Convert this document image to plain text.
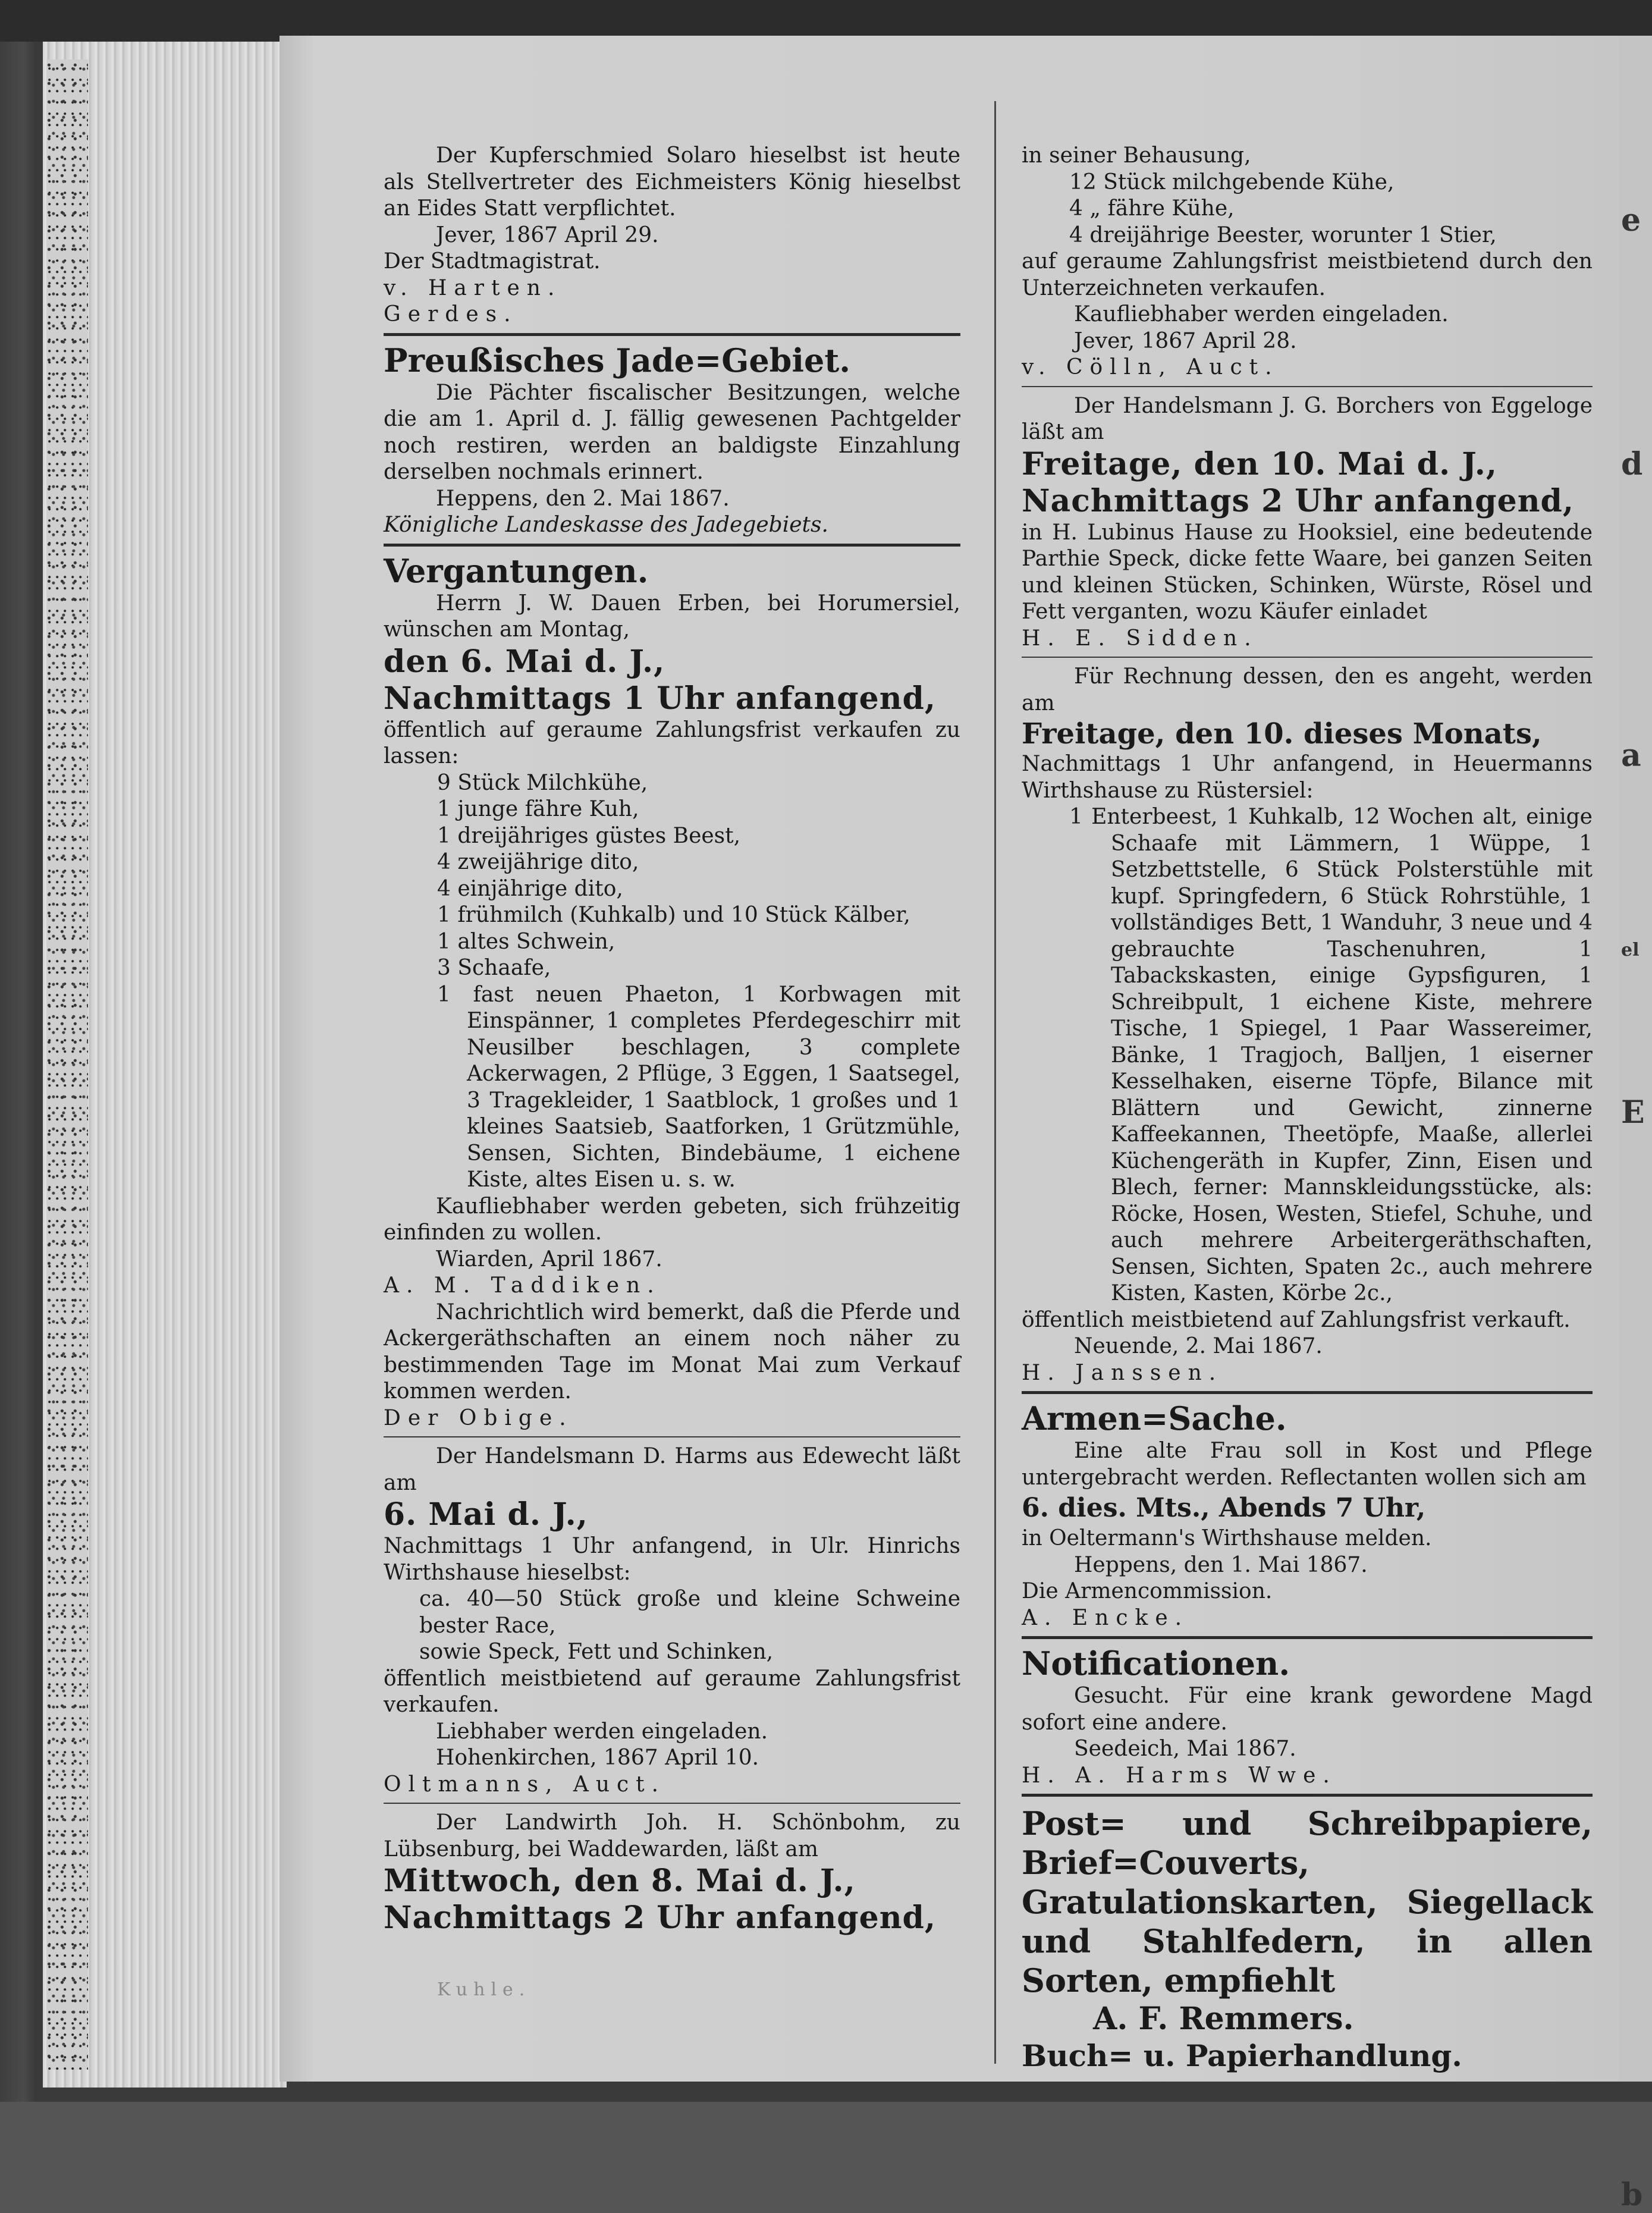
e
d
a
el
E
b

Der Kupferschmied Solaro hieselbst ist heute als Stellvertreter des Eichmeisters König hieselbst an Eides Statt verpflichtet.

Jever, 1867 April 29.

Der Stadtmagistrat.

v. Harten.

Gerdes.

Preußisches Jade=Gebiet.

Die Pächter fiscalischer Besitzungen, welche die am 1. April d. J. fällig gewesenen Pachtgelder noch restiren, werden an baldigste Einzahlung derselben nochmals erinnert.

Heppens, den 2. Mai 1867.

Königliche Landeskasse des Jadegebiets.

Vergantungen.

Herrn J. W. Dauen Erben, bei Horumersiel, wünschen am Montag,

den 6. Mai d. J.,

Nachmittags 1 Uhr anfangend,

öffentlich auf geraume Zahlungsfrist verkaufen zu lassen:

9 Stück Milchkühe,

1 junge fähre Kuh,

1 dreijähriges güstes Beest,

4 zweijährige dito,

4 einjährige dito,

1 frühmilch (Kuhkalb) und 10 Stück Kälber,

1 altes Schwein,

3 Schaafe,

1 fast neuen Phaeton, 1 Korbwagen mit Einspänner, 1 completes Pferdegeschirr mit Neusilber beschlagen, 3 complete Ackerwagen, 2 Pflüge, 3 Eggen, 1 Saatsegel, 3 Tragekleider, 1 Saatblock, 1 großes und 1 kleines Saatsieb, Saatforken, 1 Grützmühle, Sensen, Sichten, Bindebäume, 1 eichene Kiste, altes Eisen u. s. w.

Kaufliebhaber werden gebeten, sich frühzeitig einfinden zu wollen.

Wiarden, April 1867.

A. M. Taddiken.

Nachrichtlich wird bemerkt, daß die Pferde und Ackergeräthschaften an einem noch näher zu bestimmenden Tage im Monat Mai zum Verkauf kommen werden.

Der Obige.

Der Handelsmann D. Harms aus Edewecht läßt am

6. Mai d. J.,

Nachmittags 1 Uhr anfangend, in Ulr. Hinrichs Wirthshause hieselbst:

ca. 40—50 Stück große und kleine Schweine bester Race,

sowie Speck, Fett und Schinken,

öffentlich meistbietend auf geraume Zahlungsfrist verkaufen.

Liebhaber werden eingeladen.

Hohenkirchen, 1867 April 10.

Oltmanns, Auct.

Der Landwirth Joh. H. Schönbohm, zu Lübsenburg, bei Waddewarden, läßt am

Mittwoch, den 8. Mai d. J.,

Nachmittags 2 Uhr anfangend,

Kuhle.

in seiner Behausung,

12 Stück milchgebende Kühe,

4 „ fähre Kühe,

4 dreijährige Beester, worunter 1 Stier,

auf geraume Zahlungsfrist meistbietend durch den Unterzeichneten verkaufen.

Kaufliebhaber werden eingeladen.

Jever, 1867 April 28.

v. Cölln, Auct.

Der Handelsmann J. G. Borchers von Eggeloge läßt am

Freitage, den 10. Mai d. J.,

Nachmittags 2 Uhr anfangend,

in H. Lubinus Hause zu Hooksiel, eine bedeutende Parthie Speck, dicke fette Waare, bei ganzen Seiten und kleinen Stücken, Schinken, Würste, Rösel und Fett verganten, wozu Käufer einladet

H. E. Sidden.

Für Rechnung dessen, den es angeht, werden am

Freitage, den 10. dieses Monats,

Nachmittags 1 Uhr anfangend, in Heuermanns Wirthshause zu Rüstersiel:

1 Enterbeest, 1 Kuhkalb, 12 Wochen alt, einige Schaafe mit Lämmern, 1 Wüppe, 1 Setzbettstelle, 6 Stück Polsterstühle mit kupf. Springfedern, 6 Stück Rohrstühle, 1 vollständiges Bett, 1 Wanduhr, 3 neue und 4 gebrauchte Taschenuhren, 1 Tabackskasten, einige Gypsfiguren, 1 Schreibpult, 1 eichene Kiste, mehrere Tische, 1 Spiegel, 1 Paar Wassereimer, Bänke, 1 Tragjoch, Balljen, 1 eiserner Kesselhaken, eiserne Töpfe, Bilance mit Blättern und Gewicht, zinnerne Kaffeekannen, Theetöpfe, Maaße, allerlei Küchengeräth in Kupfer, Zinn, Eisen und Blech, ferner: Mannskleidungsstücke, als: Röcke, Hosen, Westen, Stiefel, Schuhe, und auch mehrere Arbeitergeräthschaften, Sensen, Sichten, Spaten 2c., auch mehrere Kisten, Kasten, Körbe 2c.,

öffentlich meistbietend auf Zahlungsfrist verkauft.

Neuende, 2. Mai 1867.

H. Janssen.

Armen=Sache.

Eine alte Frau soll in Kost und Pflege untergebracht werden. Reflectanten wollen sich am

6. dies. Mts., Abends 7 Uhr,

in Oeltermann's Wirthshause melden.

Heppens, den 1. Mai 1867.

Die Armencommission.

A. Encke.

Notificationen.

Gesucht. Für eine krank gewordene Magd sofort eine andere.

Seedeich, Mai 1867.

H. A. Harms Wwe.

Post= und Schreibpapiere, Brief=Couverts, Gratulationskarten, Siegellack und Stahlfedern, in allen Sorten, empfiehlt

A. F. Remmers.

Buch= u. Papierhandlung.
